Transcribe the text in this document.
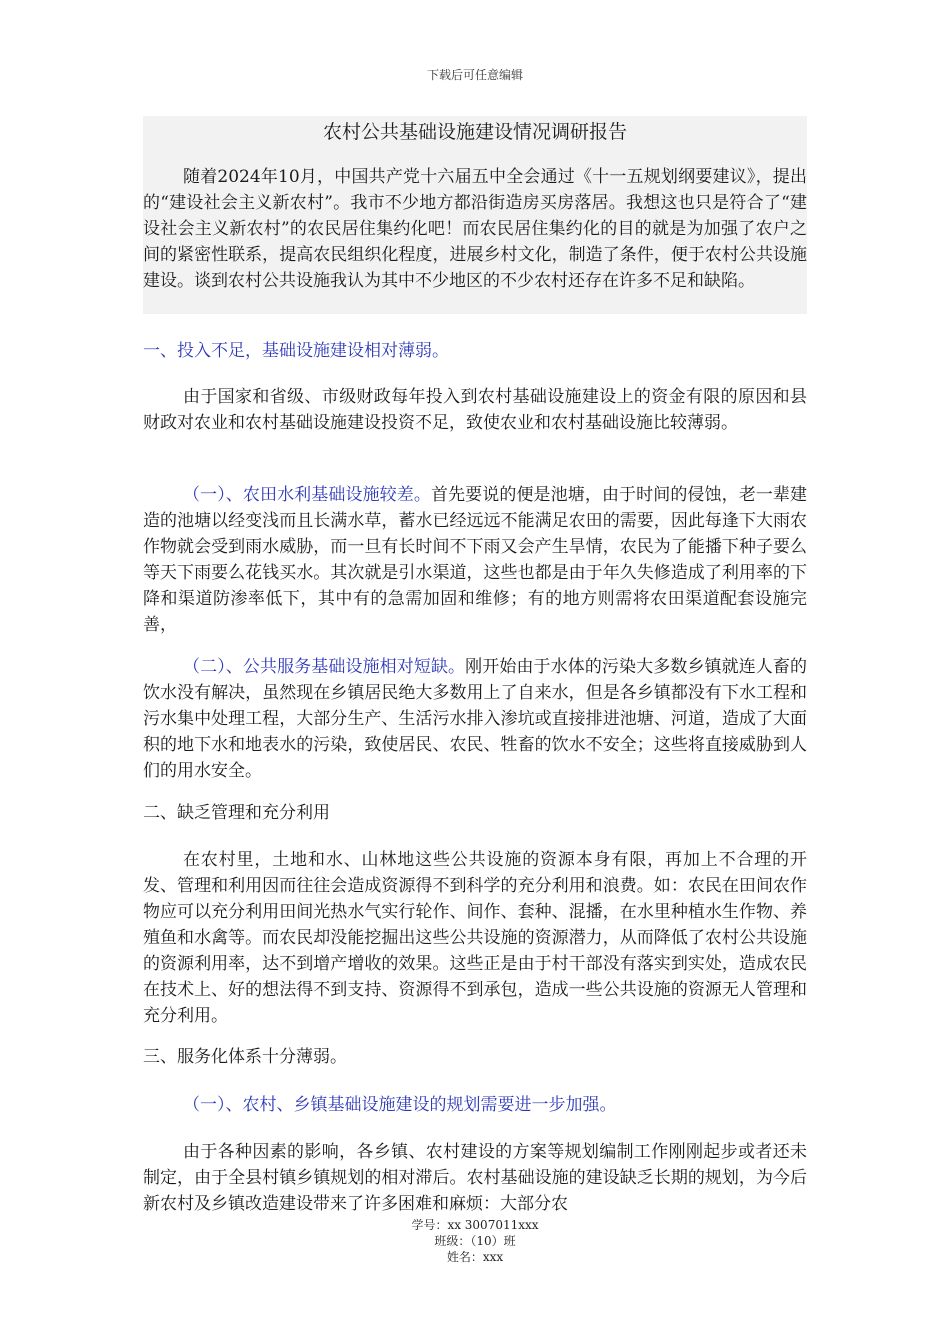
下载后可任意编辑
农村公共基础设施建设情况调研报告
随着2024年10月，中国共产党十六届五中全会通过《十一五规划纲要建议》，提出的“建设社会主义新农村”。我市不少地方都沿街造房买房落居。我想这也只是符合了“建设社会主义新农村”的农民居住集约化吧！而农民居住集约化的目的就是为加强了农户之间的紧密性联系，提高农民组织化程度，进展乡村文化，制造了条件，便于农村公共设施建设。谈到农村公共设施我认为其中不少地区的不少农村还存在许多不足和缺陷。
一、投入不足，基础设施建设相对薄弱。
由于国家和省级、市级财政每年投入到农村基础设施建设上的资金有限的原因和县财政对农业和农村基础设施建设投资不足，致使农业和农村基础设施比较薄弱。
（一）、农田水利基础设施较差。首先要说的便是池塘，由于时间的侵蚀，老一辈建造的池塘以经变浅而且长满水草，蓄水已经远远不能满足农田的需要，因此每逢下大雨农作物就会受到雨水威胁，而一旦有长时间不下雨又会产生旱情，农民为了能播下种子要么等天下雨要么花钱买水。其次就是引水渠道，这些也都是由于年久失修造成了利用率的下降和渠道防渗率低下，其中有的急需加固和维修；有的地方则需将农田渠道配套设施完善，
（二）、公共服务基础设施相对短缺。刚开始由于水体的污染大多数乡镇就连人畜的饮水没有解决，虽然现在乡镇居民绝大多数用上了自来水，但是各乡镇都没有下水工程和污水集中处理工程，大部分生产、生活污水排入渗坑或直接排进池塘、河道，造成了大面积的地下水和地表水的污染，致使居民、农民、牲畜的饮水不安全；这些将直接威胁到人们的用水安全。
二、缺乏管理和充分利用
在农村里，土地和水、山林地这些公共设施的资源本身有限，再加上不合理的开发、管理和利用因而往往会造成资源得不到科学的充分利用和浪费。如：农民在田间农作物应可以充分利用田间光热水气实行轮作、间作、套种、混播，在水里种植水生作物、养殖鱼和水禽等。而农民却没能挖掘出这些公共设施的资源潜力，从而降低了农村公共设施的资源利用率，达不到增产增收的效果。这些正是由于村干部没有落实到实处，造成农民在技术上、好的想法得不到支持、资源得不到承包，造成一些公共设施的资源无人管理和充分利用。
三、服务化体系十分薄弱。
（一）、农村、乡镇基础设施建设的规划需要进一步加强。
由于各种因素的影响，各乡镇、农村建设的方案等规划编制工作刚刚起步或者还未制定，由于全县村镇乡镇规划的相对滞后。农村基础设施的建设缺乏长期的规划，为今后新农村及乡镇改造建设带来了许多困难和麻烦：大部分农
学号：xx 3007011xxx
班级：（10）班
姓名：xxx
